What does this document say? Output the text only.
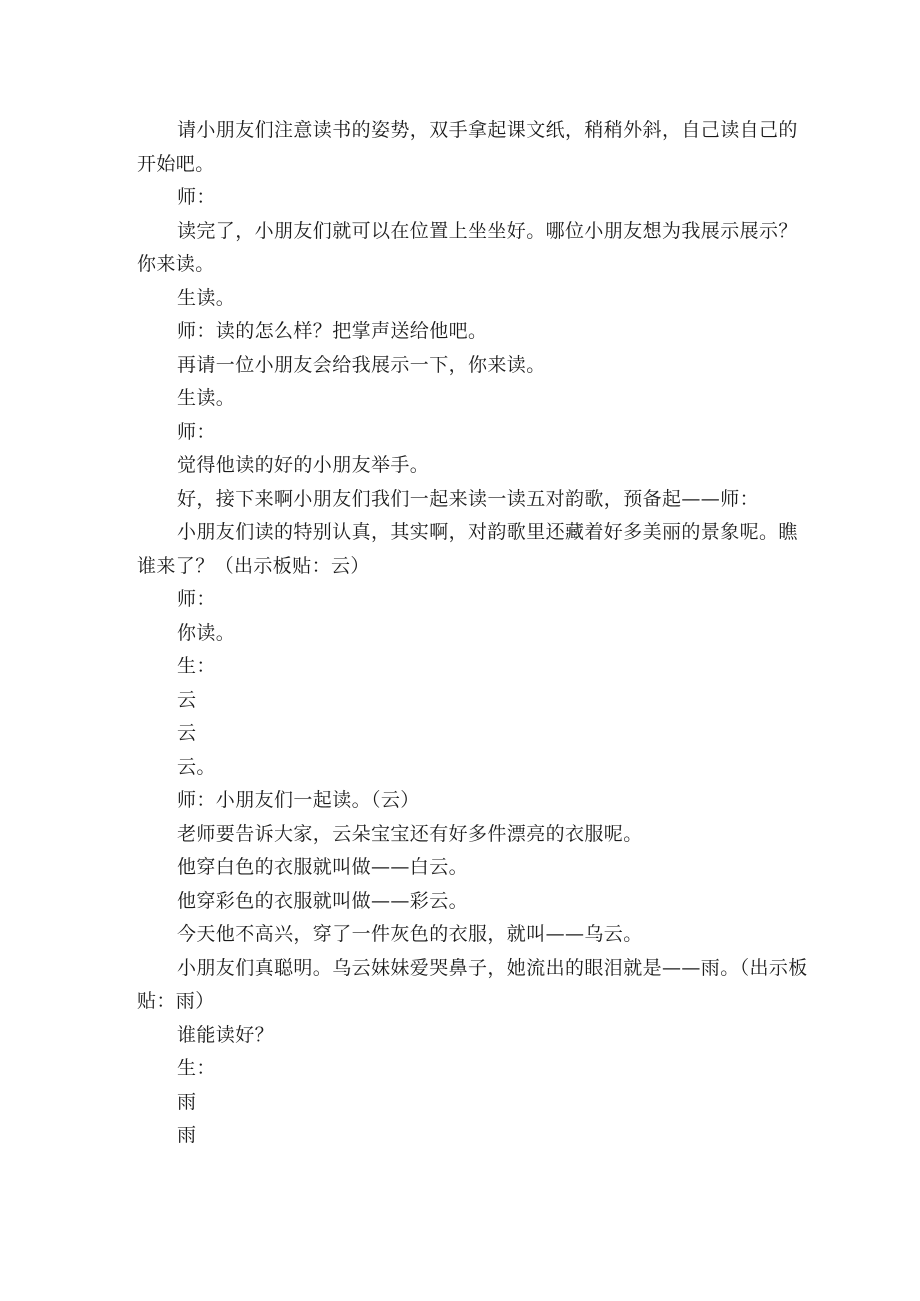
请小朋友们注意读书的姿势，双手拿起课文纸，稍稍外斜，自己读自己的开始吧。

师：

读完了，小朋友们就可以在位置上坐坐好。哪位小朋友想为我展示展示？你来读。

生读。

师：读的怎么样？把掌声送给他吧。

再请一位小朋友会给我展示一下，你来读。

生读。

师：

觉得他读的好的小朋友举手。

好，接下来啊小朋友们我们一起来读一读五对韵歌，预备起——师：

小朋友们读的特别认真，其实啊，对韵歌里还藏着好多美丽的景象呢。瞧谁来了？（出示板贴：云）

师：

你读。

生：

云

云

云。

师：小朋友们一起读。（云）

老师要告诉大家，云朵宝宝还有好多件漂亮的衣服呢。

他穿白色的衣服就叫做——白云。

他穿彩色的衣服就叫做——彩云。

今天他不高兴，穿了一件灰色的衣服，就叫——乌云。

小朋友们真聪明。乌云妹妹爱哭鼻子，她流出的眼泪就是——雨。（出示板贴：雨）

谁能读好？

生：

雨

雨
